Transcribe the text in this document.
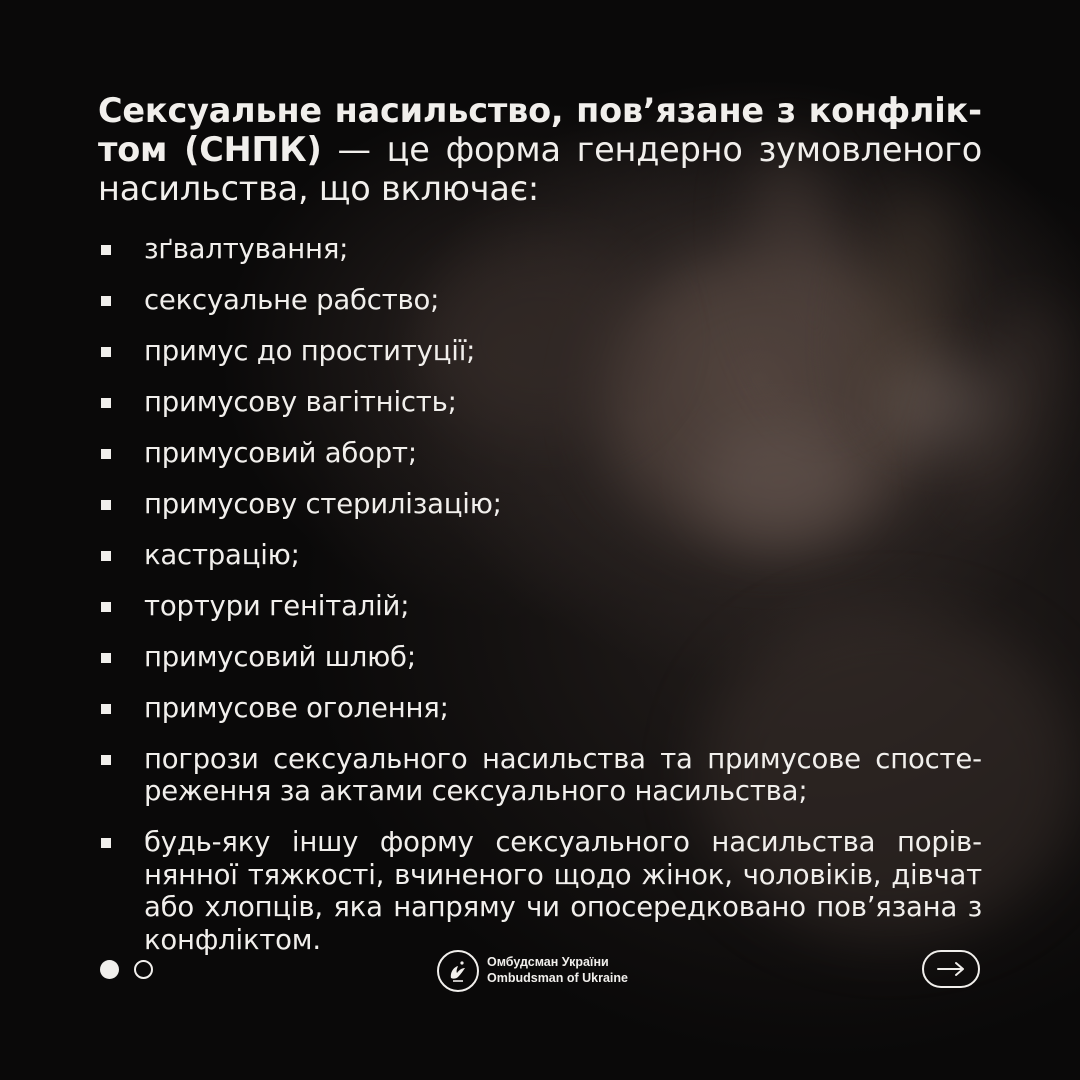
Сексуальне насильство, пов’язане з конфліктом (СНПК) — це форма гендерно зумовленого насильства, що включає:

зґвалтування;
сексуальне рабство;
примус до проституції;
примусову вагітність;
примусовий аборт;
примусову стерилізацію;
кастрацію;
тортури геніталій;
примусовий шлюб;
примусове оголення;
погрози сексуального насильства та примусове спостереження за актами сексуального насильства;
будь-яку іншу форму сексуального насильства порівнянної тяжкості, вчиненого щодо жінок, чоловіків, дівчат або хлопців, яка напряму чи опосередковано пов’язана з конфліктом.
Омбудсман України
Ombudsman of Ukraine
